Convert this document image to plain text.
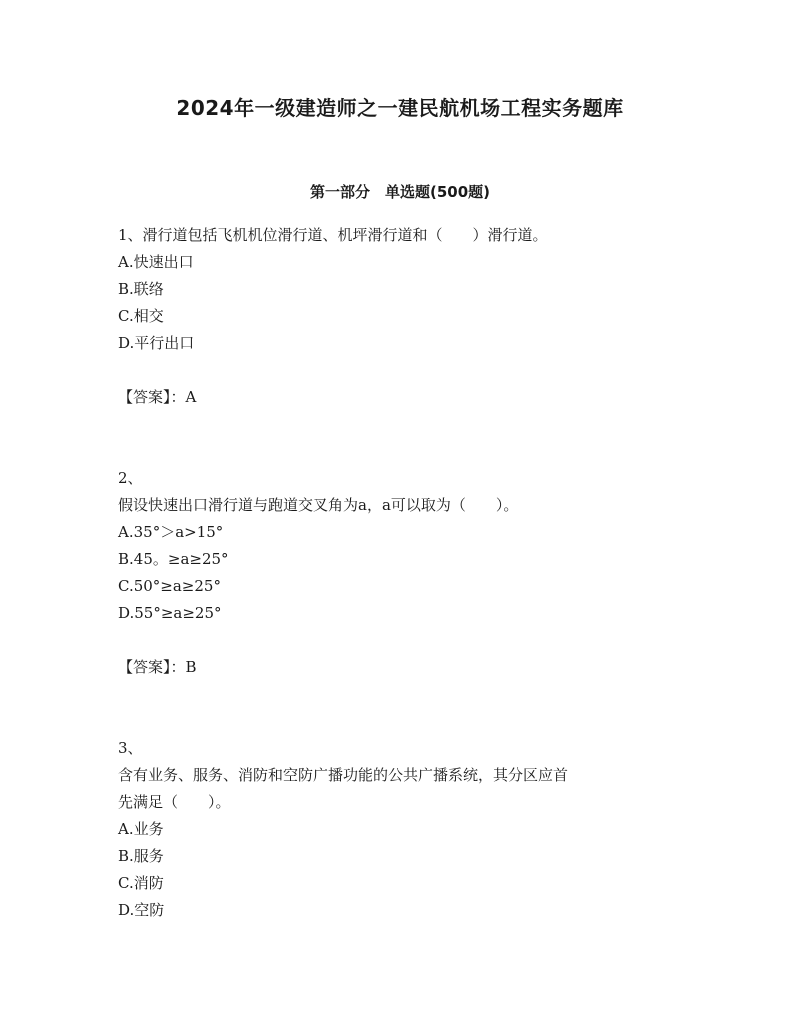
2024年一级建造师之一建民航机场工程实务题库
第一部分　单选题(500题)
1、滑行道包括飞机机位滑行道、机坪滑行道和（　　）滑行道。
A.快速出口
B.联络
C.相交
D.平行出口
【答案】：A
2、
假设快速出口滑行道与跑道交叉角为a，a可以取为（　　）。
A.35°＞a>15°
B.45。≥a≥25°
C.50°≥a≥25°
D.55°≥a≥25°
【答案】：B
3、
含有业务、服务、消防和空防广播功能的公共广播系统，其分区应首
先满足（　　）。
A.业务
B.服务
C.消防
D.空防
